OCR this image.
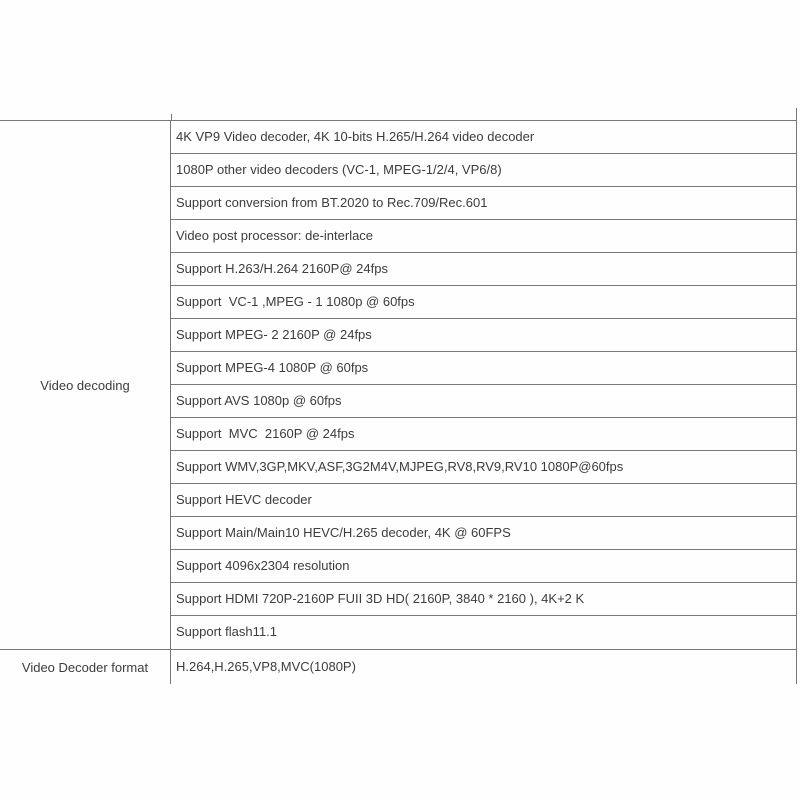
Video decoding
4K VP9 Video decoder, 4K 10-bits H.265/H.264 video decoder
1080P other video decoders (VC-1, MPEG-1/2/4, VP6/8)
Support conversion from BT.2020 to Rec.709/Rec.601
Video post processor: de-interlace
Support H.263/H.264 2160P@ 24fps
Support  VC-1 ,MPEG - 1 1080p @ 60fps
Support MPEG- 2 2160P @ 24fps
Support MPEG-4 1080P @ 60fps
Support AVS 1080p @ 60fps
Support  MVC  2160P @ 24fps
Support WMV,3GP,MKV,ASF,3G2M4V,MJPEG,RV8,RV9,RV10 1080P@60fps
Support HEVC decoder
Support Main/Main10 HEVC/H.265 decoder, 4K @ 60FPS
Support 4096x2304 resolution
Support HDMI 720P-2160P FUII 3D HD( 2160P, 3840 * 2160 ), 4K+2 K
Support flash11.1
Video Decoder format	H.264,H.265,VP8,MVC(1080P)
